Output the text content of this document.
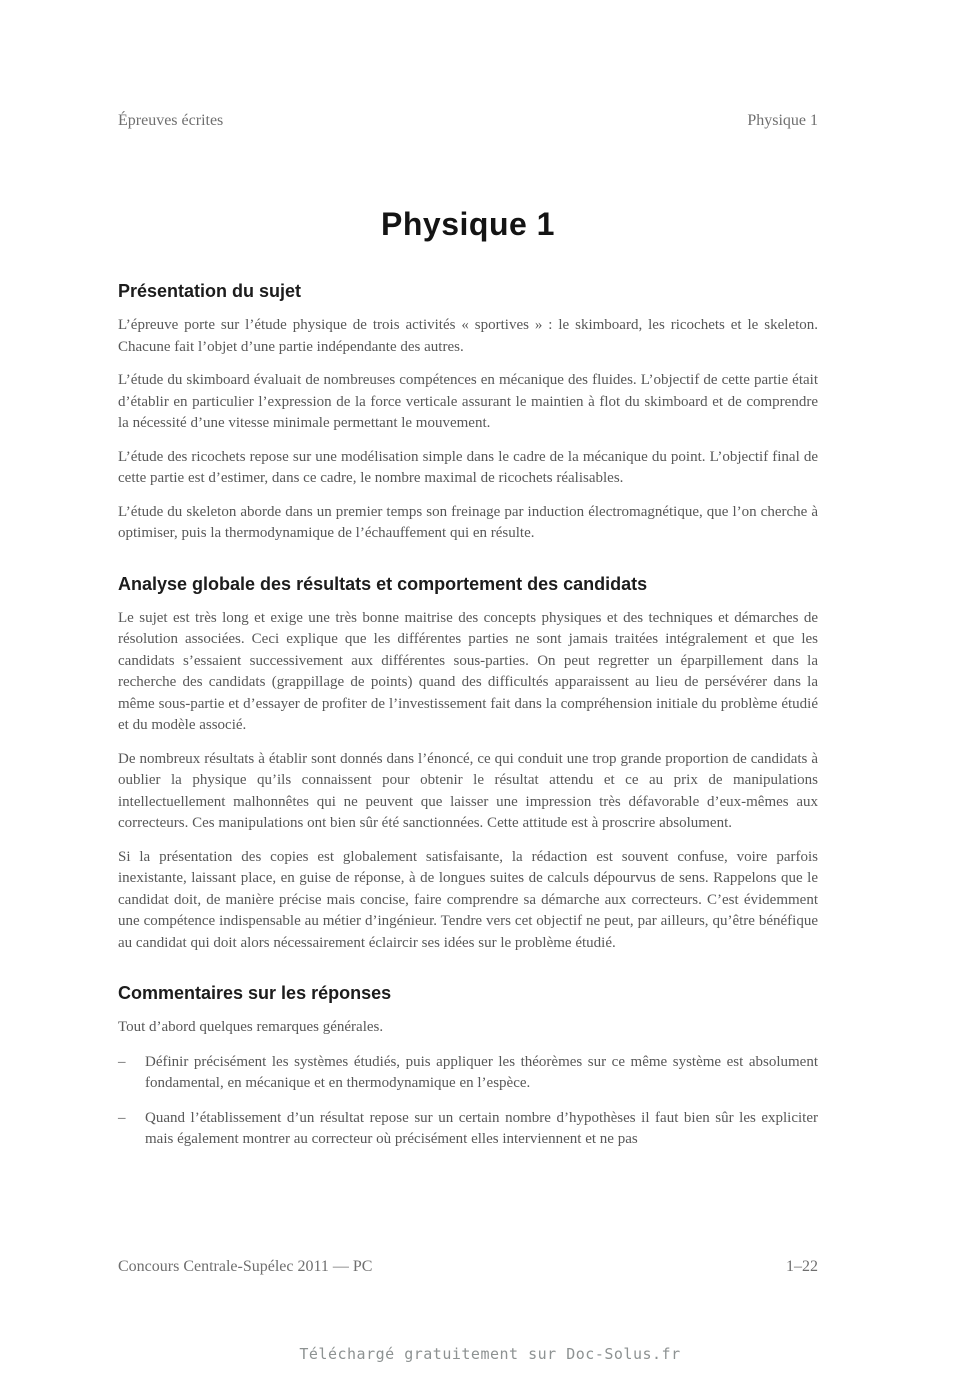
Épreuves écrites	Physique 1
Physique 1
Présentation du sujet

L’épreuve porte sur l’étude physique de trois activités « sportives » : le skimboard, les ricochets et le skeleton. Chacune fait l’objet d’une partie indépendante des autres.

L’étude du skimboard évaluait de nombreuses compétences en mécanique des fluides. L’objectif de cette partie était d’établir en particulier l’expression de la force verticale assurant le maintien à flot du skimboard et de comprendre la nécessité d’une vitesse minimale permettant le mouvement.

L’étude des ricochets repose sur une modélisation simple dans le cadre de la mécanique du point. L’objectif final de cette partie est d’estimer, dans ce cadre, le nombre maximal de ricochets réalisables.

L’étude du skeleton aborde dans un premier temps son freinage par induction électromagnétique, que l’on cherche à optimiser, puis la thermodynamique de l’échauffement qui en résulte.

Analyse globale des résultats et comportement des candidats

Le sujet est très long et exige une très bonne maitrise des concepts physiques et des techniques et démarches de résolution associées. Ceci explique que les différentes parties ne sont jamais traitées intégralement et que les candidats s’essaient successivement aux différentes sous-parties. On peut regretter un éparpillement dans la recherche des candidats (grappillage de points) quand des difficultés apparaissent au lieu de persévérer dans la même sous-partie et d’essayer de profiter de l’investissement fait dans la compréhension initiale du problème étudié et du modèle associé.

De nombreux résultats à établir sont donnés dans l’énoncé, ce qui conduit une trop grande proportion de candidats à oublier la physique qu’ils connaissent pour obtenir le résultat attendu et ce au prix de manipulations intellectuellement malhonnêtes qui ne peuvent que laisser une impression très défavorable d’eux-mêmes aux correcteurs. Ces manipulations ont bien sûr été sanctionnées. Cette attitude est à proscrire absolument.

Si la présentation des copies est globalement satisfaisante, la rédaction est souvent confuse, voire parfois inexistante, laissant place, en guise de réponse, à de longues suites de calculs dépourvus de sens. Rappelons que le candidat doit, de manière précise mais concise, faire comprendre sa démarche aux correcteurs. C’est évidemment une compétence indispensable au métier d’ingénieur. Tendre vers cet objectif ne peut, par ailleurs, qu’être bénéfique au candidat qui doit alors nécessairement éclaircir ses idées sur le problème étudié.

Commentaires sur les réponses

Tout d’abord quelques remarques générales.

–	Définir précisément les systèmes étudiés, puis appliquer les théorèmes sur ce même système est absolument fondamental, en mécanique et en thermodynamique en l’espèce.
–	Quand l’établissement d’un résultat repose sur un certain nombre d’hypothèses il faut bien sûr les expliciter mais également montrer au correcteur où précisément elles interviennent et ne pas
Concours Centrale-Supélec 2011 — PC	1–22
Téléchargé gratuitement sur Doc-Solus.fr
